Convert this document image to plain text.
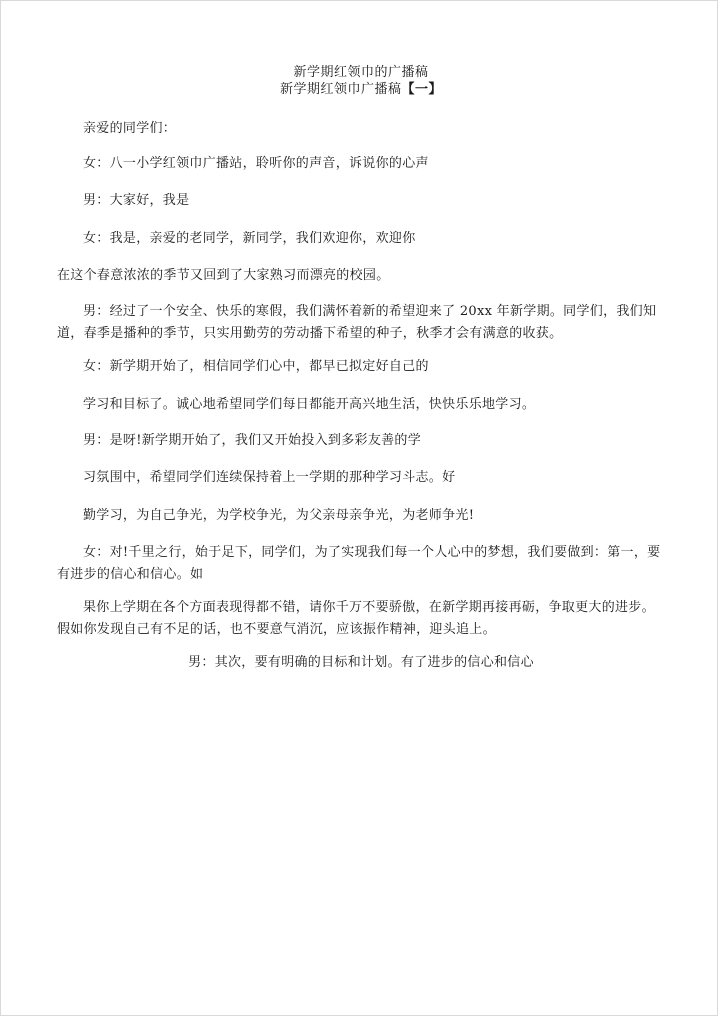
新学期红领巾的广播稿
新学期红领巾广播稿【一】

亲爱的同学们：

女：八一小学红领巾广播站，聆听你的声音，诉说你的心声

男：大家好，我是

女：我是，亲爱的老同学，新同学，我们欢迎你，欢迎你

在这个春意浓浓的季节又回到了大家熟习而漂亮的校园。

男：经过了一个安全、快乐的寒假，我们满怀着新的希望迎来了 20xx 年新学期。同学们，我们知道，春季是播种的季节，只实用勤劳的劳动播下希望的种子，秋季才会有满意的收获。

女：新学期开始了，相信同学们心中，都早已拟定好自己的

学习和目标了。诚心地希望同学们每日都能开高兴地生活，快快乐乐地学习。

男：是呀!新学期开始了，我们又开始投入到多彩友善的学

习氛围中，希望同学们连续保持着上一学期的那种学习斗志。好

勤学习，为自己争光，为学校争光，为父亲母亲争光，为老师争光!

女：对!千里之行，始于足下，同学们，为了实现我们每一个人心中的梦想，我们要做到：第一，要有进步的信心和信心。如

果你上学期在各个方面表现得都不错，请你千万不要骄傲，在新学期再接再砺，争取更大的进步。假如你发现自己有不足的话，也不要意气消沉，应该振作精神，迎头追上。

男：其次，要有明确的目标和计划。有了进步的信心和信心
